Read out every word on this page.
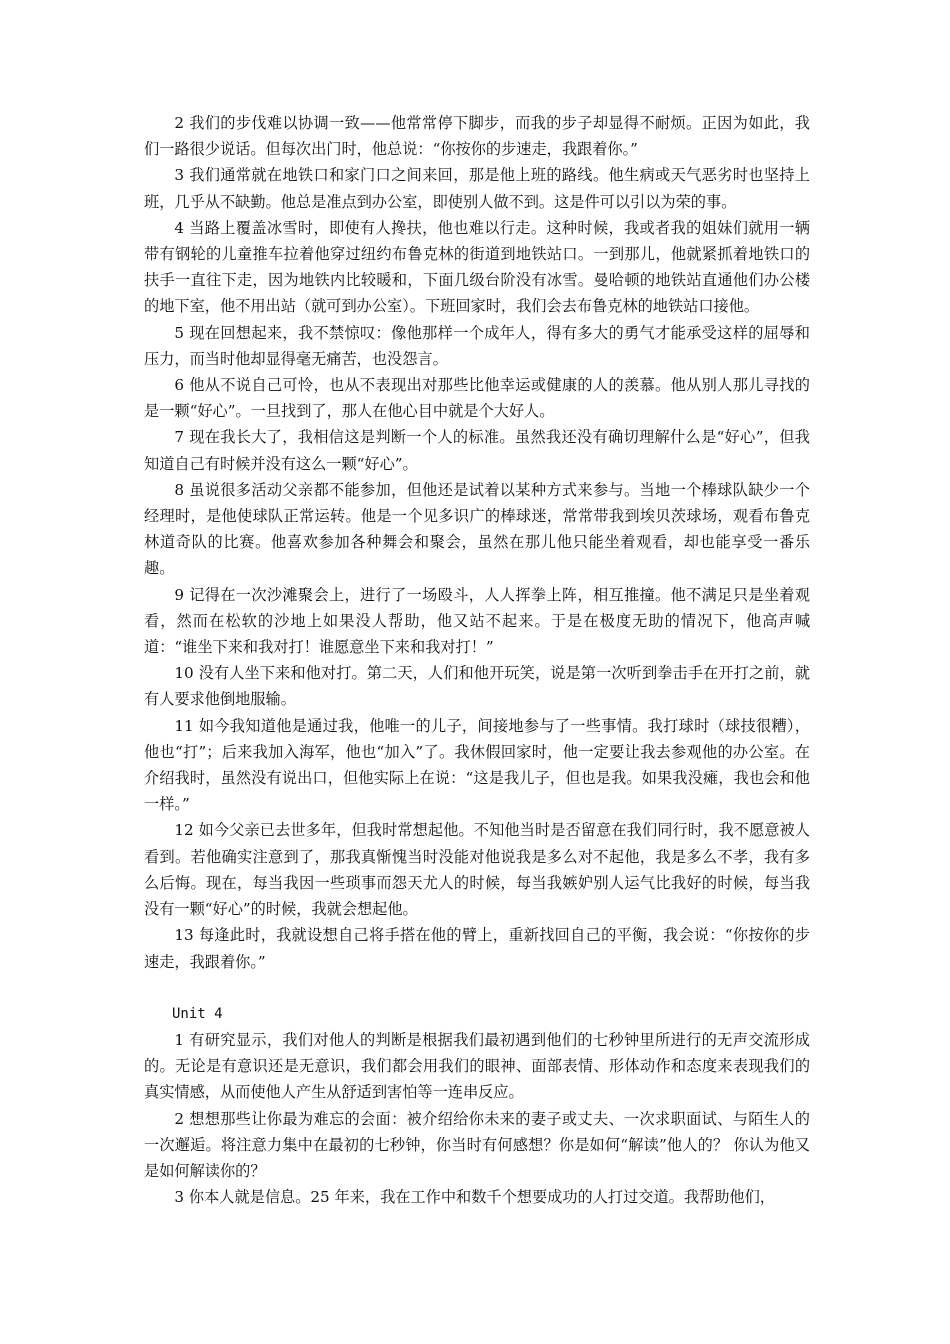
2 我们的步伐难以协调一致——他常常停下脚步，而我的步子却显得不耐烦。正因为如此，我们一路很少说话。但每次出门时，他总说：“你按你的步速走，我跟着你。”

3 我们通常就在地铁口和家门口之间来回，那是他上班的路线。他生病或天气恶劣时也坚持上班，几乎从不缺勤。他总是准点到办公室，即使别人做不到。这是件可以引以为荣的事。

4 当路上覆盖冰雪时，即使有人搀扶，他也难以行走。这种时候，我或者我的姐妹们就用一辆带有钢轮的儿童推车拉着他穿过纽约布鲁克林的街道到地铁站口。一到那儿，他就紧抓着地铁口的扶手一直往下走，因为地铁内比较暖和，下面几级台阶没有冰雪。曼哈顿的地铁站直通他们办公楼的地下室，他不用出站（就可到办公室）。下班回家时，我们会去布鲁克林的地铁站口接他。

5 现在回想起来，我不禁惊叹：像他那样一个成年人，得有多大的勇气才能承受这样的屈辱和压力，而当时他却显得毫无痛苦，也没怨言。

6 他从不说自己可怜，也从不表现出对那些比他幸运或健康的人的羡慕。他从别人那儿寻找的是一颗“好心”。一旦找到了，那人在他心目中就是个大好人。

7 现在我长大了，我相信这是判断一个人的标准。虽然我还没有确切理解什么是“好心”，但我知道自己有时候并没有这么一颗“好心”。

8 虽说很多活动父亲都不能参加，但他还是试着以某种方式来参与。当地一个棒球队缺少一个经理时，是他使球队正常运转。他是一个见多识广的棒球迷，常常带我到埃贝茨球场，观看布鲁克林道奇队的比赛。他喜欢参加各种舞会和聚会，虽然在那儿他只能坐着观看，却也能享受一番乐趣。

9 记得在一次沙滩聚会上，进行了一场殴斗，人人挥拳上阵，相互推撞。他不满足只是坐着观看，然而在松软的沙地上如果没人帮助，他又站不起来。于是在极度无助的情况下，他高声喊道：“谁坐下来和我对打！谁愿意坐下来和我对打！”

10 没有人坐下来和他对打。第二天，人们和他开玩笑，说是第一次听到拳击手在开打之前，就有人要求他倒地服输。

11 如今我知道他是通过我，他唯一的儿子，间接地参与了一些事情。我打球时（球技很糟），他也“打”；后来我加入海军，他也“加入”了。我休假回家时，他一定要让我去参观他的办公室。在介绍我时，虽然没有说出口，但他实际上在说：“这是我儿子，但也是我。如果我没瘫，我也会和他一样。”

12 如今父亲已去世多年，但我时常想起他。不知他当时是否留意在我们同行时，我不愿意被人看到。若他确实注意到了，那我真惭愧当时没能对他说我是多么对不起他，我是多么不孝，我有多么后悔。现在，每当我因一些琐事而怨天尤人的时候，每当我嫉妒别人运气比我好的时候，每当我没有一颗“好心”的时候，我就会想起他。

13 每逢此时，我就设想自己将手搭在他的臂上，重新找回自己的平衡，我会说：“你按你的步速走，我跟着你。”

Unit 4

1 有研究显示，我们对他人的判断是根据我们最初遇到他们的七秒钟里所进行的无声交流形成的。无论是有意识还是无意识，我们都会用我们的眼神、面部表情、形体动作和态度来表现我们的真实情感，从而使他人产生从舒适到害怕等一连串反应。

2 想想那些让你最为难忘的会面：被介绍给你未来的妻子或丈夫、一次求职面试、与陌生人的一次邂逅。将注意力集中在最初的七秒钟，你当时有何感想？你是如何“解读”他人的？ 你认为他又是如何解读你的？

3 你本人就是信息。25 年来，我在工作中和数千个想要成功的人打过交道。我帮助他们，
